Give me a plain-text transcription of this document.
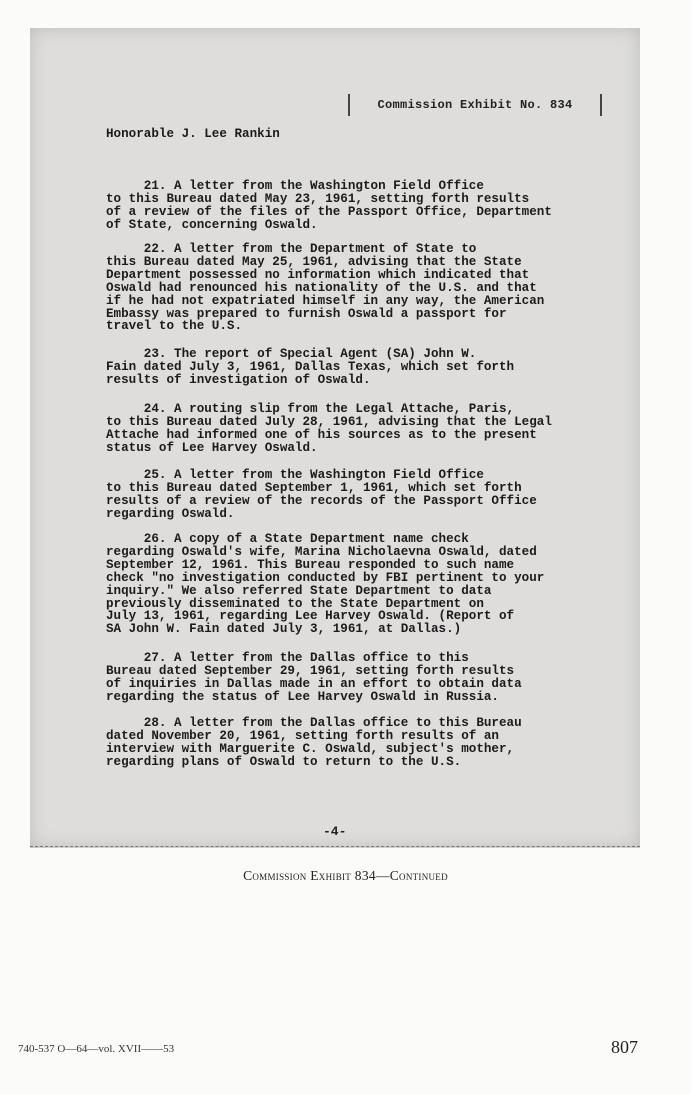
Commission Exhibit No. 834
Honorable J. Lee Rankin
21. A letter from the Washington Field Office
to this Bureau dated May 23, 1961, setting forth results
of a review of the files of the Passport Office, Department
of State, concerning Oswald.
22. A letter from the Department of State to
this Bureau dated May 25, 1961, advising that the State
Department possessed no information which indicated that
Oswald had renounced his nationality of the U.S. and that
if he had not expatriated himself in any way, the American
Embassy was prepared to furnish Oswald a passport for
travel to the U.S.
23. The report of Special Agent (SA) John W.
Fain dated July 3, 1961, Dallas Texas, which set forth
results of investigation of Oswald.
24. A routing slip from the Legal Attache, Paris,
to this Bureau dated July 28, 1961, advising that the Legal
Attache had informed one of his sources as to the present
status of Lee Harvey Oswald.
25. A letter from the Washington Field Office
to this Bureau dated September 1, 1961, which set forth
results of a review of the records of the Passport Office
regarding Oswald.
26. A copy of a State Department name check
regarding Oswald's wife, Marina Nicholaevna Oswald, dated
September 12, 1961. This Bureau responded to such name
check "no investigation conducted by FBI pertinent to your
inquiry." We also referred State Department to data
previously disseminated to the State Department on
July 13, 1961, regarding Lee Harvey Oswald. (Report of
SA John W. Fain dated July 3, 1961, at Dallas.)
27. A letter from the Dallas office to this
Bureau dated September 29, 1961, setting forth results
of inquiries in Dallas made in an effort to obtain data
regarding the status of Lee Harvey Oswald in Russia.
28. A letter from the Dallas office to this Bureau
dated November 20, 1961, setting forth results of an
interview with Marguerite C. Oswald, subject's mother,
regarding plans of Oswald to return to the U.S.
-4-
Commission Exhibit 834—Continued
740-537 O—64—vol. XVII——53	807
